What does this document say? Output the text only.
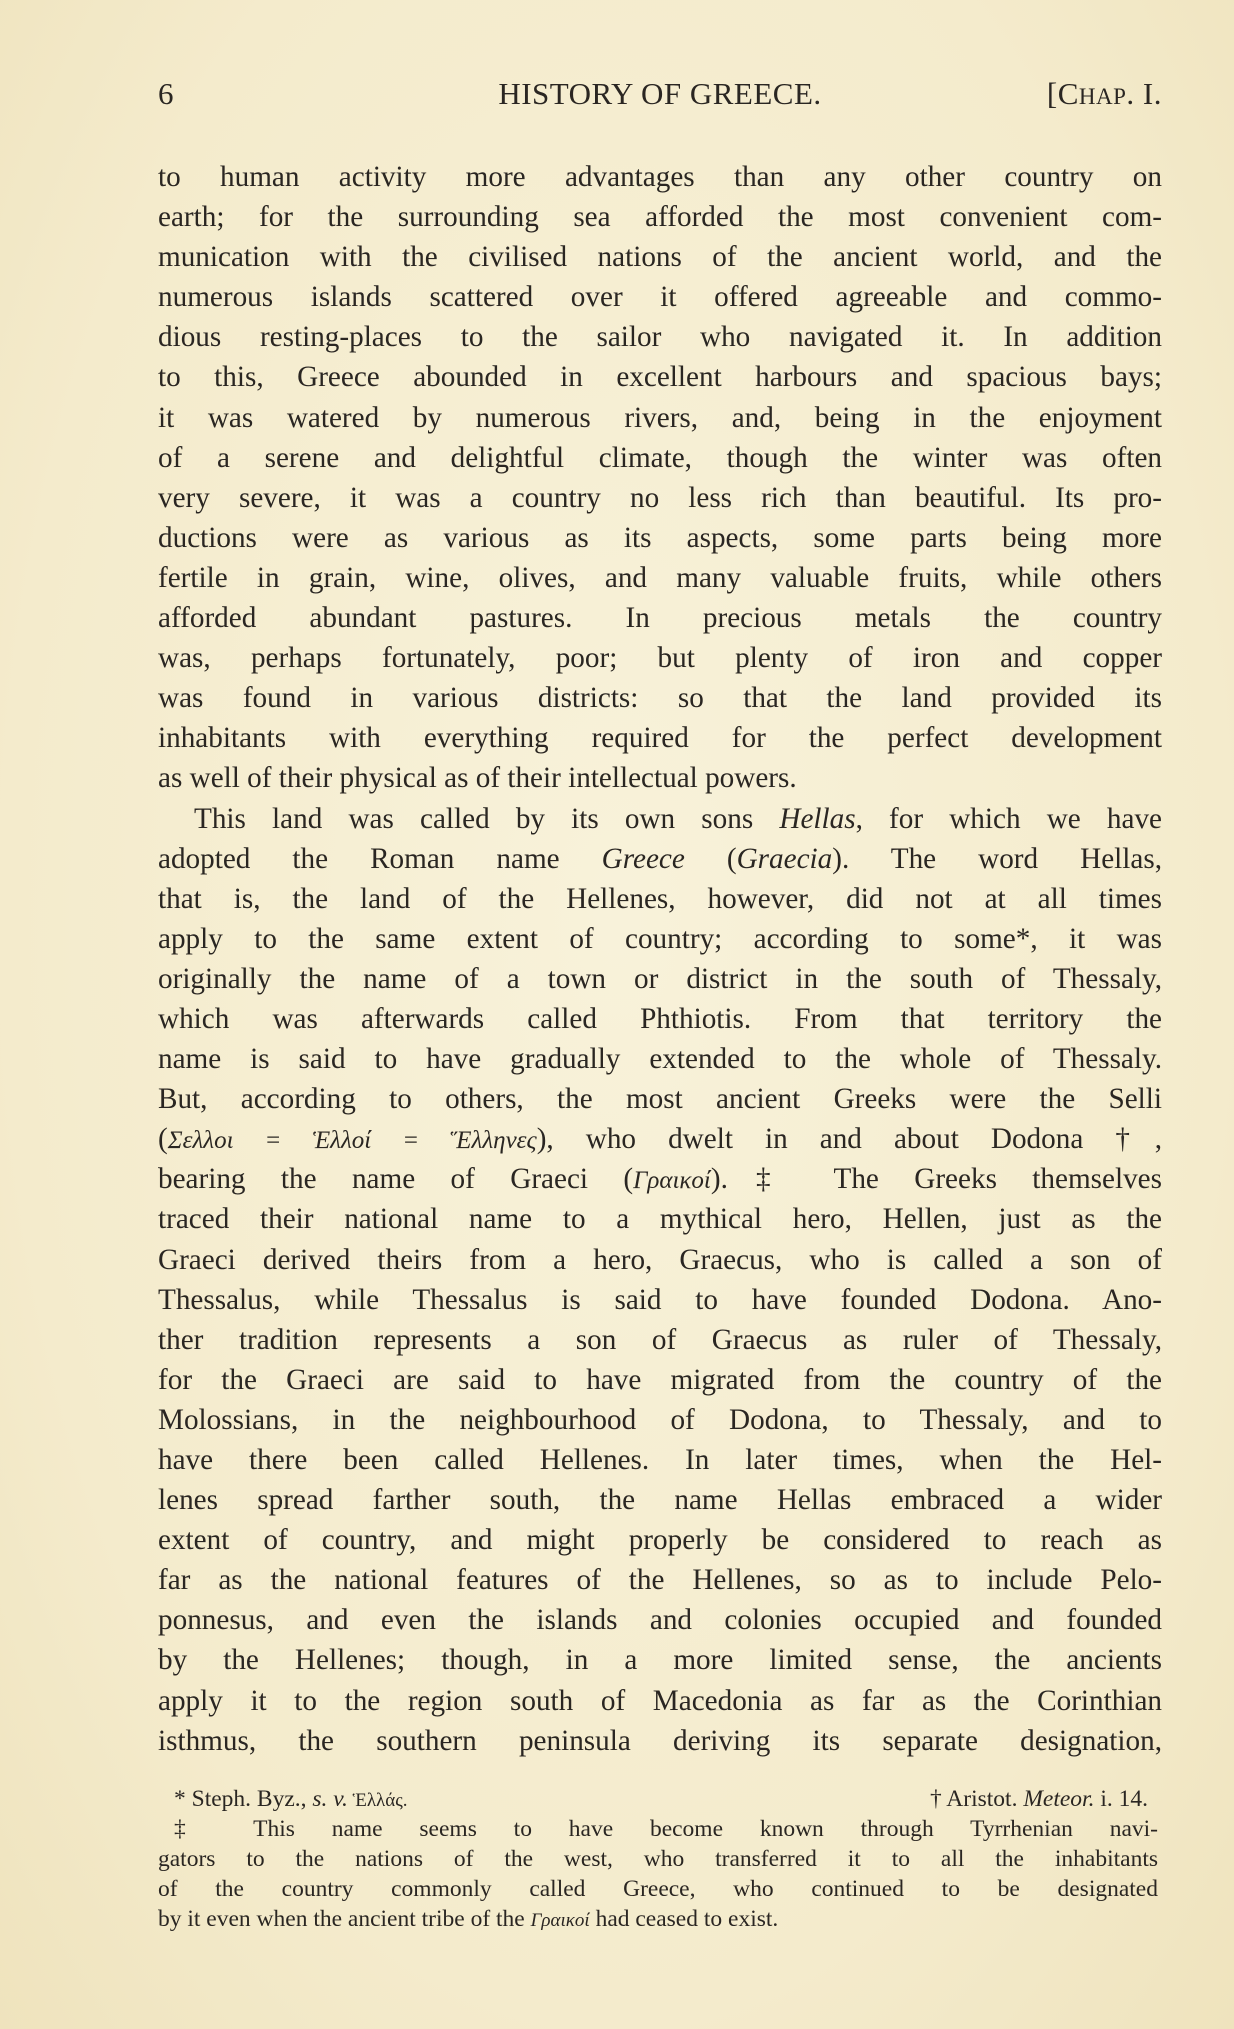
6	HISTORY OF GREECE.	[CHAP. I.
to human activity more advantages than any other country on
earth; for the surrounding sea afforded the most convenient com-
munication with the civilised nations of the ancient world, and the
numerous islands scattered over it offered agreeable and commo-
dious resting-places to the sailor who navigated it. In addition
to this, Greece abounded in excellent harbours and spacious bays;
it was watered by numerous rivers, and, being in the enjoyment
of a serene and delightful climate, though the winter was often
very severe, it was a country no less rich than beautiful. Its pro-
ductions were as various as its aspects, some parts being more
fertile in grain, wine, olives, and many valuable fruits, while others
afforded abundant pastures. In precious metals the country
was, perhaps fortunately, poor; but plenty of iron and copper
was found in various districts: so that the land provided its
inhabitants with everything required for the perfect development
as well of their physical as of their intellectual powers.
This land was called by its own sons Hellas, for which we have
adopted the Roman name Greece (Graecia). The word Hellas,
that is, the land of the Hellenes, however, did not at all times
apply to the same extent of country; according to some*, it was
originally the name of a town or district in the south of Thessaly,
which was afterwards called Phthiotis. From that territory the
name is said to have gradually extended to the whole of Thessaly.
But, according to others, the most ancient Greeks were the Selli
(Σελλοι = Ἑλλοί = Ἕλληνες), who dwelt in and about Dodona †,
bearing the name of Graeci (Γραικοί).‡ The Greeks themselves
traced their national name to a mythical hero, Hellen, just as the
Graeci derived theirs from a hero, Graecus, who is called a son of
Thessalus, while Thessalus is said to have founded Dodona. Ano-
ther tradition represents a son of Graecus as ruler of Thessaly,
for the Graeci are said to have migrated from the country of the
Molossians, in the neighbourhood of Dodona, to Thessaly, and to
have there been called Hellenes. In later times, when the Hel-
lenes spread farther south, the name Hellas embraced a wider
extent of country, and might properly be considered to reach as
far as the national features of the Hellenes, so as to include Pelo-
ponnesus, and even the islands and colonies occupied and founded
by the Hellenes; though, in a more limited sense, the ancients
apply it to the region south of Macedonia as far as the Corinthian
isthmus, the southern peninsula deriving its separate designation,
* Steph. Byz., s. v. Ἑλλάς.	† Aristot. Meteor. i. 14.
‡ This name seems to have become known through Tyrrhenian navi-
gators to the nations of the west, who transferred it to all the inhabitants
of the country commonly called Greece, who continued to be designated
by it even when the ancient tribe of the Γραικοί had ceased to exist.
